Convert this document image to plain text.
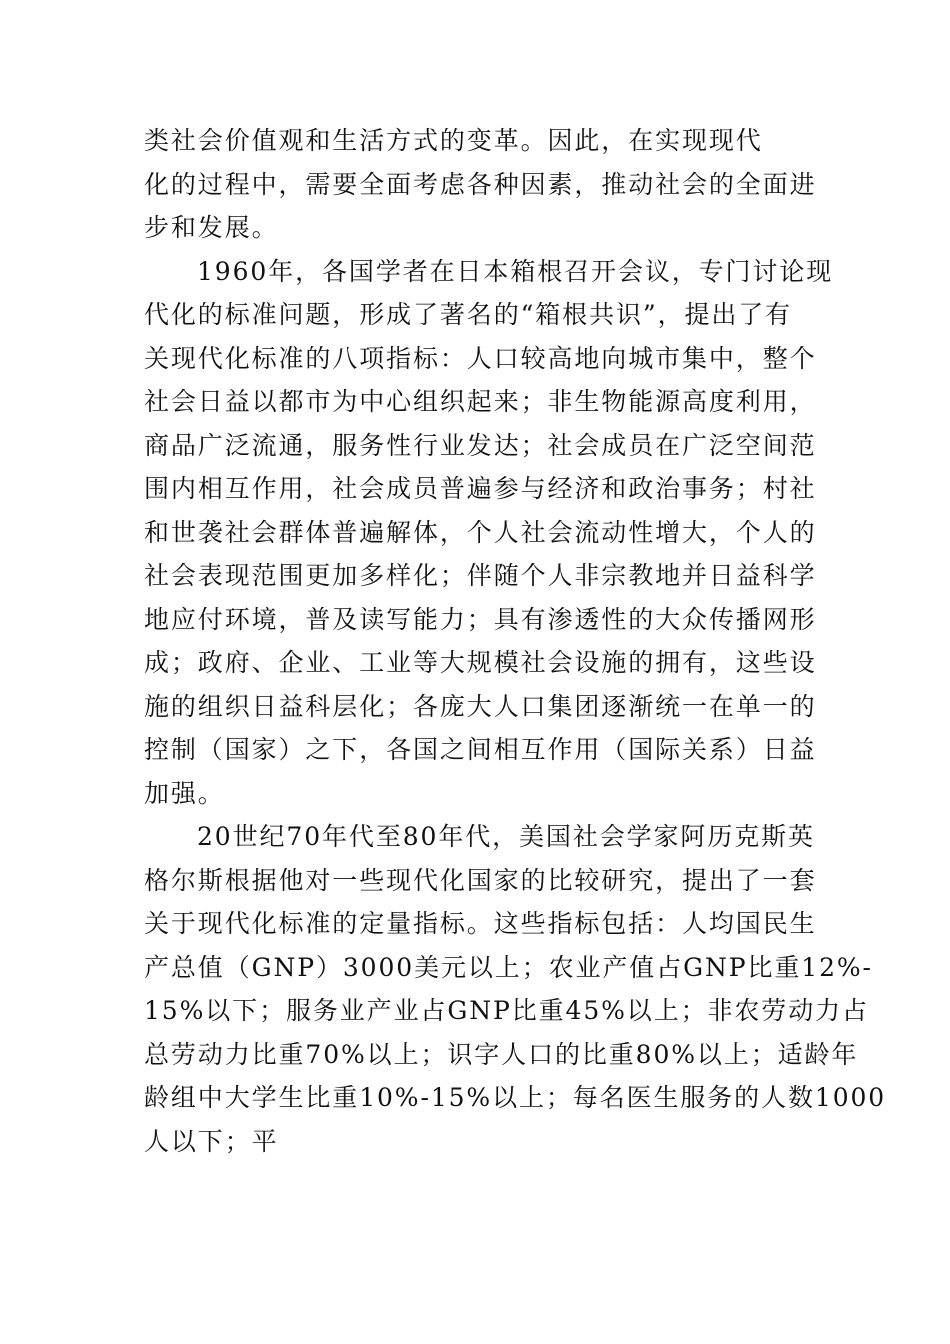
类社会价值观和生活方式的变革。因此，在实现现代
化的过程中，需要全面考虑各种因素，推动社会的全面进
步和发展。
1960年，各国学者在日本箱根召开会议，专门讨论现
代化的标准问题，形成了著名的“箱根共识”，提出了有
关现代化标准的八项指标：人口较高地向城市集中，整个
社会日益以都市为中心组织起来；非生物能源高度利用，
商品广泛流通，服务性行业发达；社会成员在广泛空间范
围内相互作用，社会成员普遍参与经济和政治事务；村社
和世袭社会群体普遍解体，个人社会流动性增大，个人的
社会表现范围更加多样化；伴随个人非宗教地并日益科学
地应付环境，普及读写能力；具有渗透性的大众传播网形
成；政府、企业、工业等大规模社会设施的拥有，这些设
施的组织日益科层化；各庞大人口集团逐渐统一在单一的
控制（国家）之下，各国之间相互作用（国际关系）日益
加强。
20世纪70年代至80年代，美国社会学家阿历克斯英
格尔斯根据他对一些现代化国家的比较研究，提出了一套
关于现代化标准的定量指标。这些指标包括：人均国民生
产总值（GNP）3000美元以上；农业产值占GNP比重12%-
15%以下；服务业产业占GNP比重45%以上；非农劳动力占
总劳动力比重70%以上；识字人口的比重80%以上；适龄年
龄组中大学生比重10%-15%以上；每名医生服务的人数1000
人以下；平
